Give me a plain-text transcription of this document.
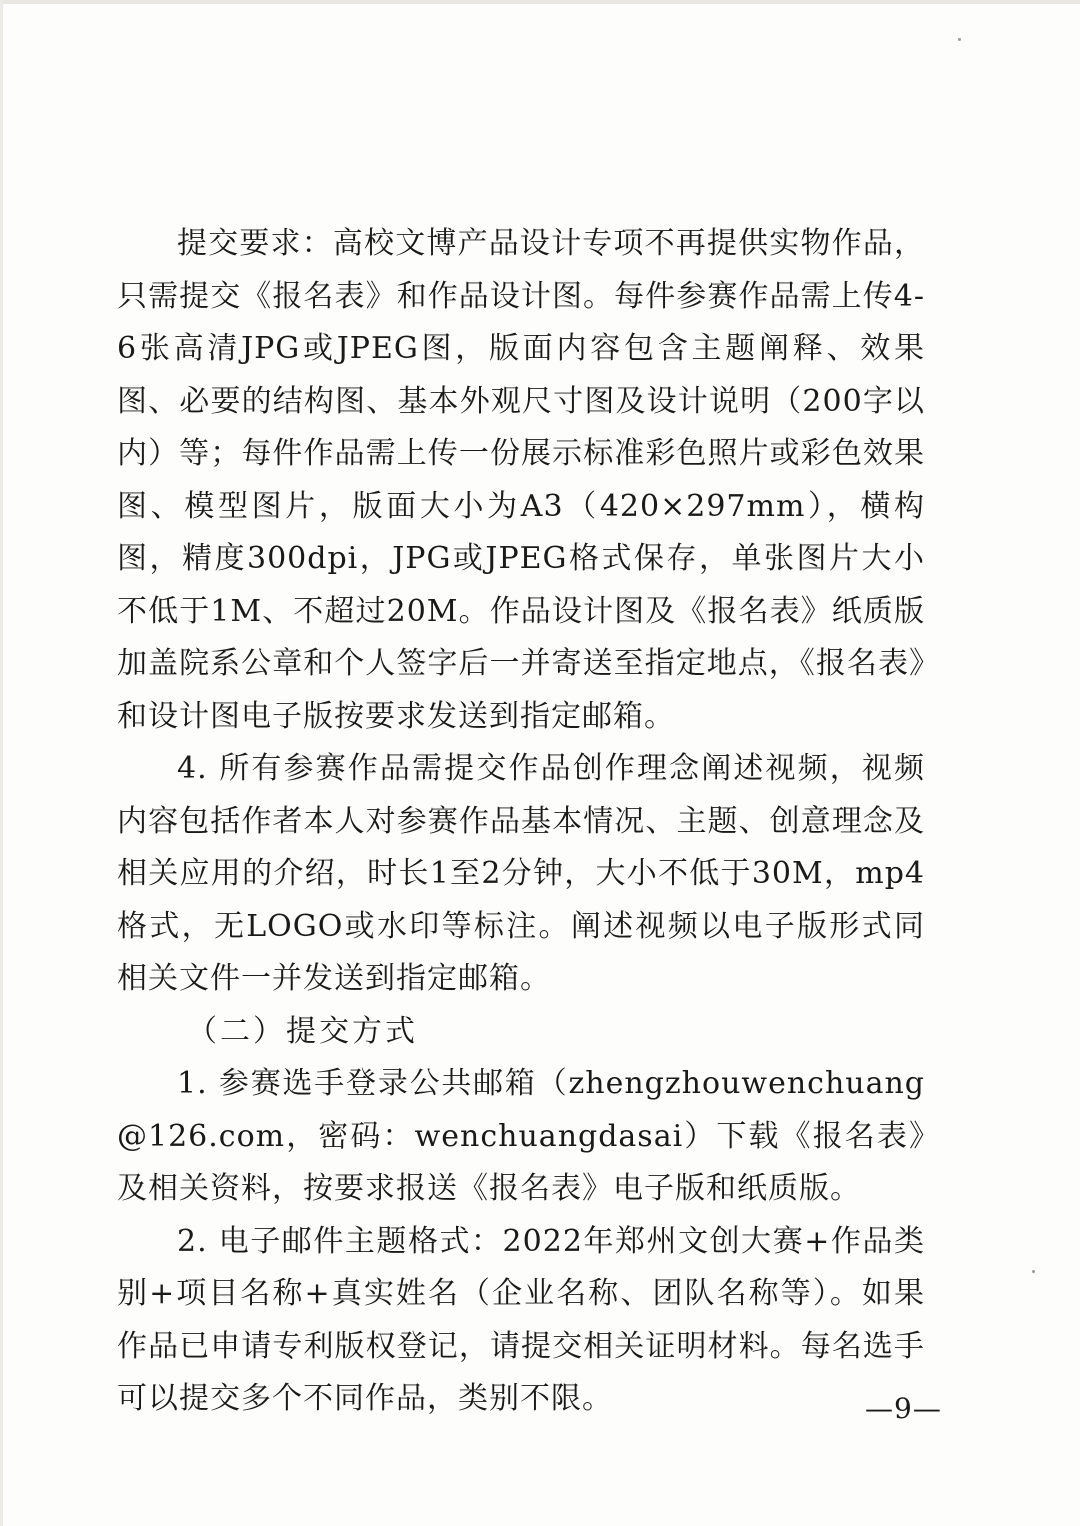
提交要求：高校文博产品设计专项不再提供实物作品，只需提交《报名表》和作品设计图。每件参赛作品需上传4-6张高清JPG或JPEG图，版面内容包含主题阐释、效果图、必要的结构图、基本外观尺寸图及设计说明（200字以内）等；每件作品需上传一份展示标准彩色照片或彩色效果图、模型图片，版面大小为A3（420×297mm），横构图，精度300dpi，JPG或JPEG格式保存，单张图片大小不低于1M、不超过20M。作品设计图及《报名表》纸质版加盖院系公章和个人签字后一并寄送至指定地点，《报名表》和设计图电子版按要求发送到指定邮箱。

4. 所有参赛作品需提交作品创作理念阐述视频，视频内容包括作者本人对参赛作品基本情况、主题、创意理念及相关应用的介绍，时长1至2分钟，大小不低于30M，mp4格式，无LOGO或水印等标注。阐述视频以电子版形式同相关文件一并发送到指定邮箱。

（二）提交方式

1. 参赛选手登录公共邮箱（zhengzhouwenchuang@126.com，密码：wenchuangdasai）下载《报名表》及相关资料，按要求报送《报名表》电子版和纸质版。

2. 电子邮件主题格式：2022年郑州文创大赛+作品类别+项目名称+真实姓名（企业名称、团队名称等）。如果作品已申请专利版权登记，请提交相关证明材料。每名选手可以提交多个不同作品，类别不限。	—9—
